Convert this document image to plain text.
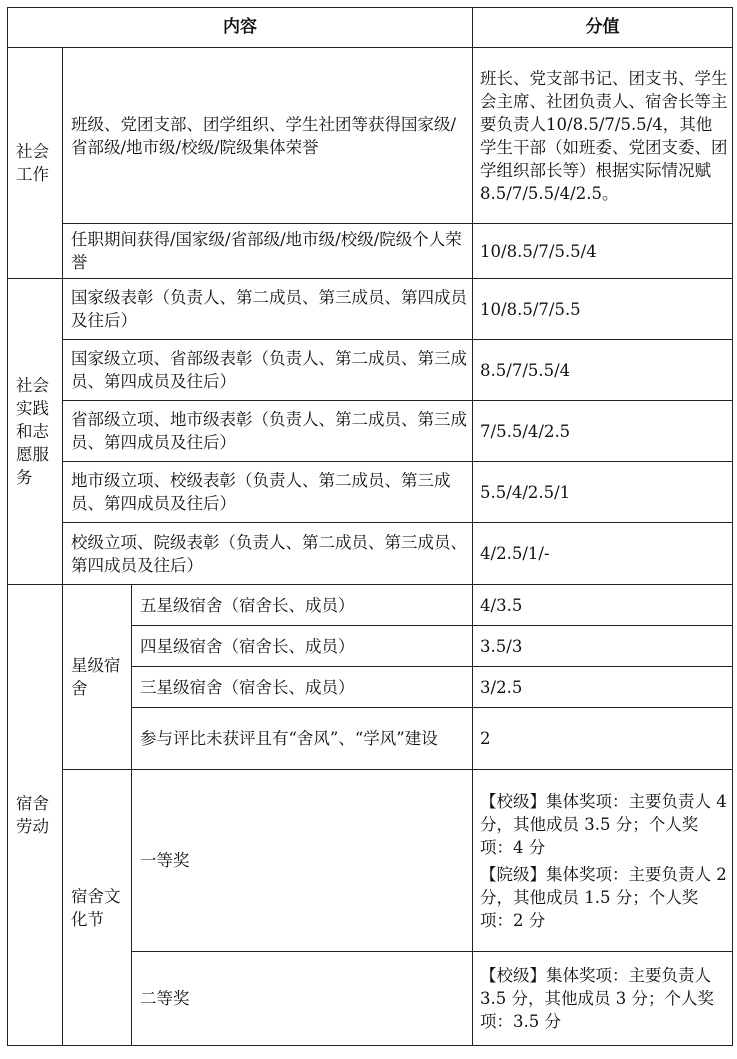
内容			分值
社会工作	班级、党团支部、团学组织、学生社团等获得国家级/省部级/地市级/校级/院级集体荣誉		班长、党支部书记、团支书、学生会主席、社团负责人、宿舍长等主要负责人10/8.5/7/5.5/4，其他学生干部（如班委、党团支委、团学组织部长等）根据实际情况赋 8.5/7/5.5/4/2.5。
	任职期间获得/国家级/省部级/地市级/校级/院级个人荣誉		10/8.5/7/5.5/4
社会实践和志愿服务	国家级表彰（负责人、第二成员、第三成员、第四成员及往后）		10/8.5/7/5.5
	国家级立项、省部级表彰（负责人、第二成员、第三成员、第四成员及往后）		8.5/7/5.5/4
	省部级立项、地市级表彰（负责人、第二成员、第三成员、第四成员及往后）		7/5.5/4/2.5
	地市级立项、校级表彰（负责人、第二成员、第三成员、第四成员及往后）		5.5/4/2.5/1
	校级立项、院级表彰（负责人、第二成员、第三成员、第四成员及往后）		4/2.5/1/-
宿舍劳动	星级宿舍	五星级宿舍（宿舍长、成员）	4/3.5
		四星级宿舍（宿舍长、成员）	3.5/3
		三星级宿舍（宿舍长、成员）	3/2.5
		参与评比未获评且有“舍风”、“学风”建设	2
	宿舍文化节	一等奖	【校级】集体奖项：主要负责人 4 分，其他成员 3.5 分；个人奖项：4 分
【院级】集体奖项：主要负责人 2 分，其他成员 1.5 分；个人奖项：2 分

		二等奖	【校级】集体奖项：主要负责人 3.5 分，其他成员 3 分；个人奖项：3.5 分
